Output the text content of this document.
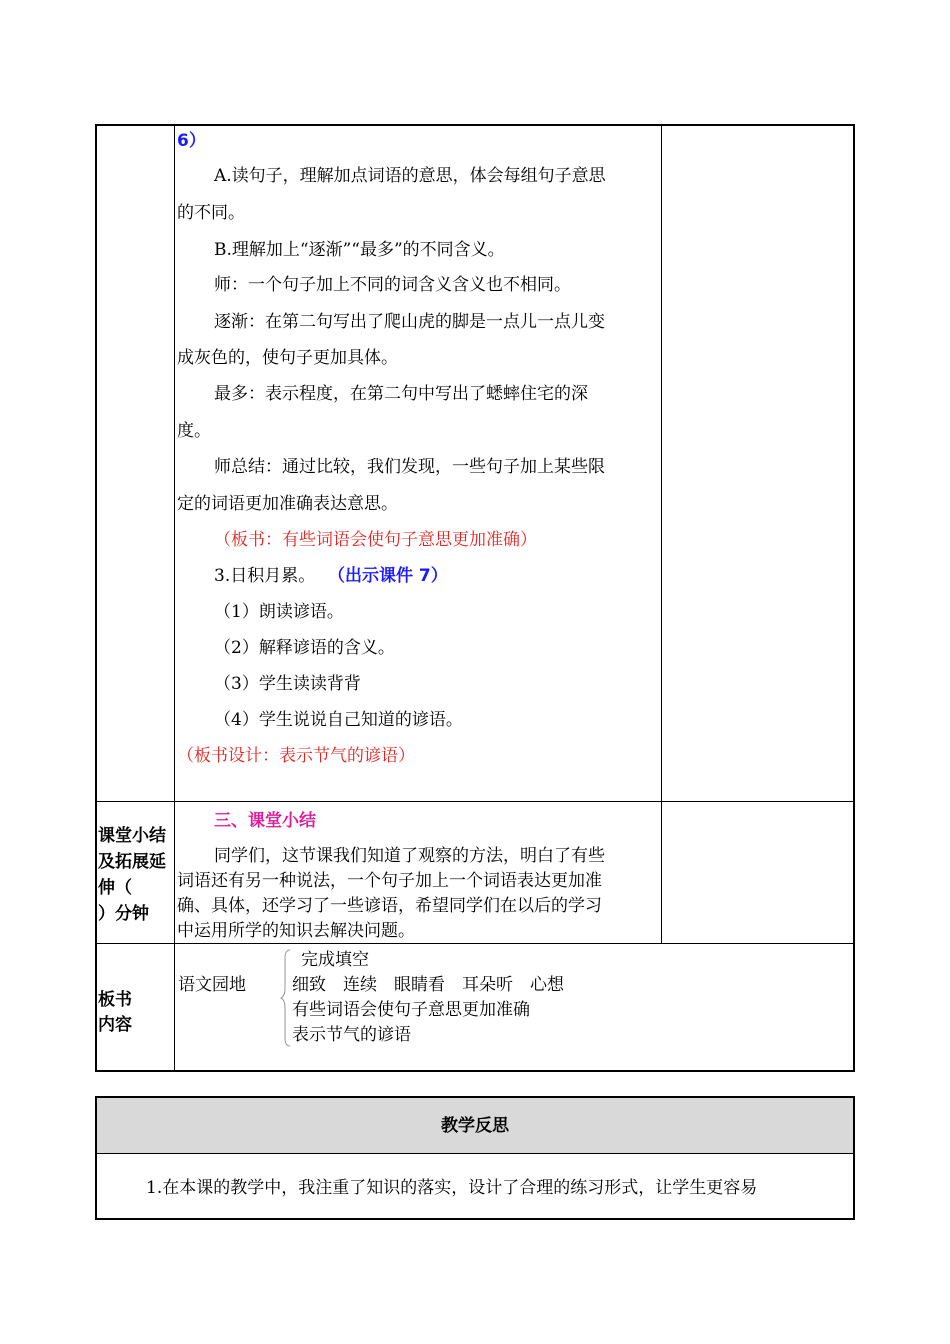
6）
A.读句子，理解加点词语的意思，体会每组句子意思
的不同。
B.理解加上“逐渐”“最多”的不同含义。
师：一个句子加上不同的词含义含义也不相同。
逐渐：在第二句写出了爬山虎的脚是一点儿一点儿变
成灰色的，使句子更加具体。
最多：表示程度，在第二句中写出了蟋蟀住宅的深
度。
师总结：通过比较，我们发现，一些句子加上某些限
定的词语更加准确表达意思。
（板书：有些词语会使句子意思更加准确）
3.日积月累。 （出示课件 7）
（1）朗读谚语。
（2）解释谚语的含义。
（3）学生读读背背
（4）学生说说自己知道的谚语。
（板书设计：表示节气的谚语）
课堂小结
及拓展延
伸（
）分钟
三、课堂小结
同学们，这节课我们知道了观察的方法，明白了有些
词语还有另一种说法，一个句子加上一个词语表达更加准
确、具体，还学习了一些谚语，希望同学们在以后的学习
中运用所学的知识去解决问题。
板书
内容
语文园地
完成填空
细致　连续　眼睛看　耳朵听　心想
有些词语会使句子意思更加准确
表示节气的谚语
教学反思
1.在本课的教学中，我注重了知识的落实，设计了合理的练习形式，让学生更容易
